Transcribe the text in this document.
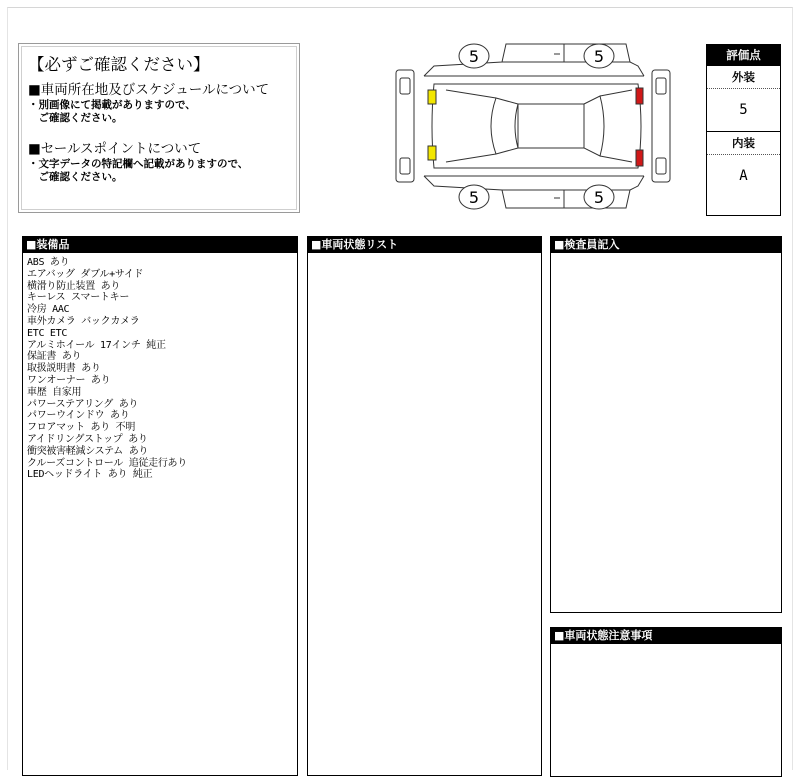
【必ずご確認ください】
■車両所在地及びスケジュールについて
・別画像にて掲載がありますので、
　ご確認ください。
■セールスポイントについて
・文字データの特記欄へ記載がありますので、
　ご確認ください。
5	5
5	5
評価点
外装
5
内装
A
■装備品
ABS あり
エアバッグ ダブル+サイド
横滑り防止装置 あり
キーレス スマートキー
冷房 AAC
車外カメラ バックカメラ
ETC ETC
アルミホイール 17インチ 純正
保証書 あり
取扱説明書 あり
ワンオーナー あり
車歴 自家用
パワーステアリング あり
パワーウインドウ あり
フロアマット あり 不明
アイドリングストップ あり
衝突被害軽減システム あり
クルーズコントロール 追従走行あり
LEDヘッドライト あり 純正
■車両状態リスト	■検査員記入
■車両状態注意事項
